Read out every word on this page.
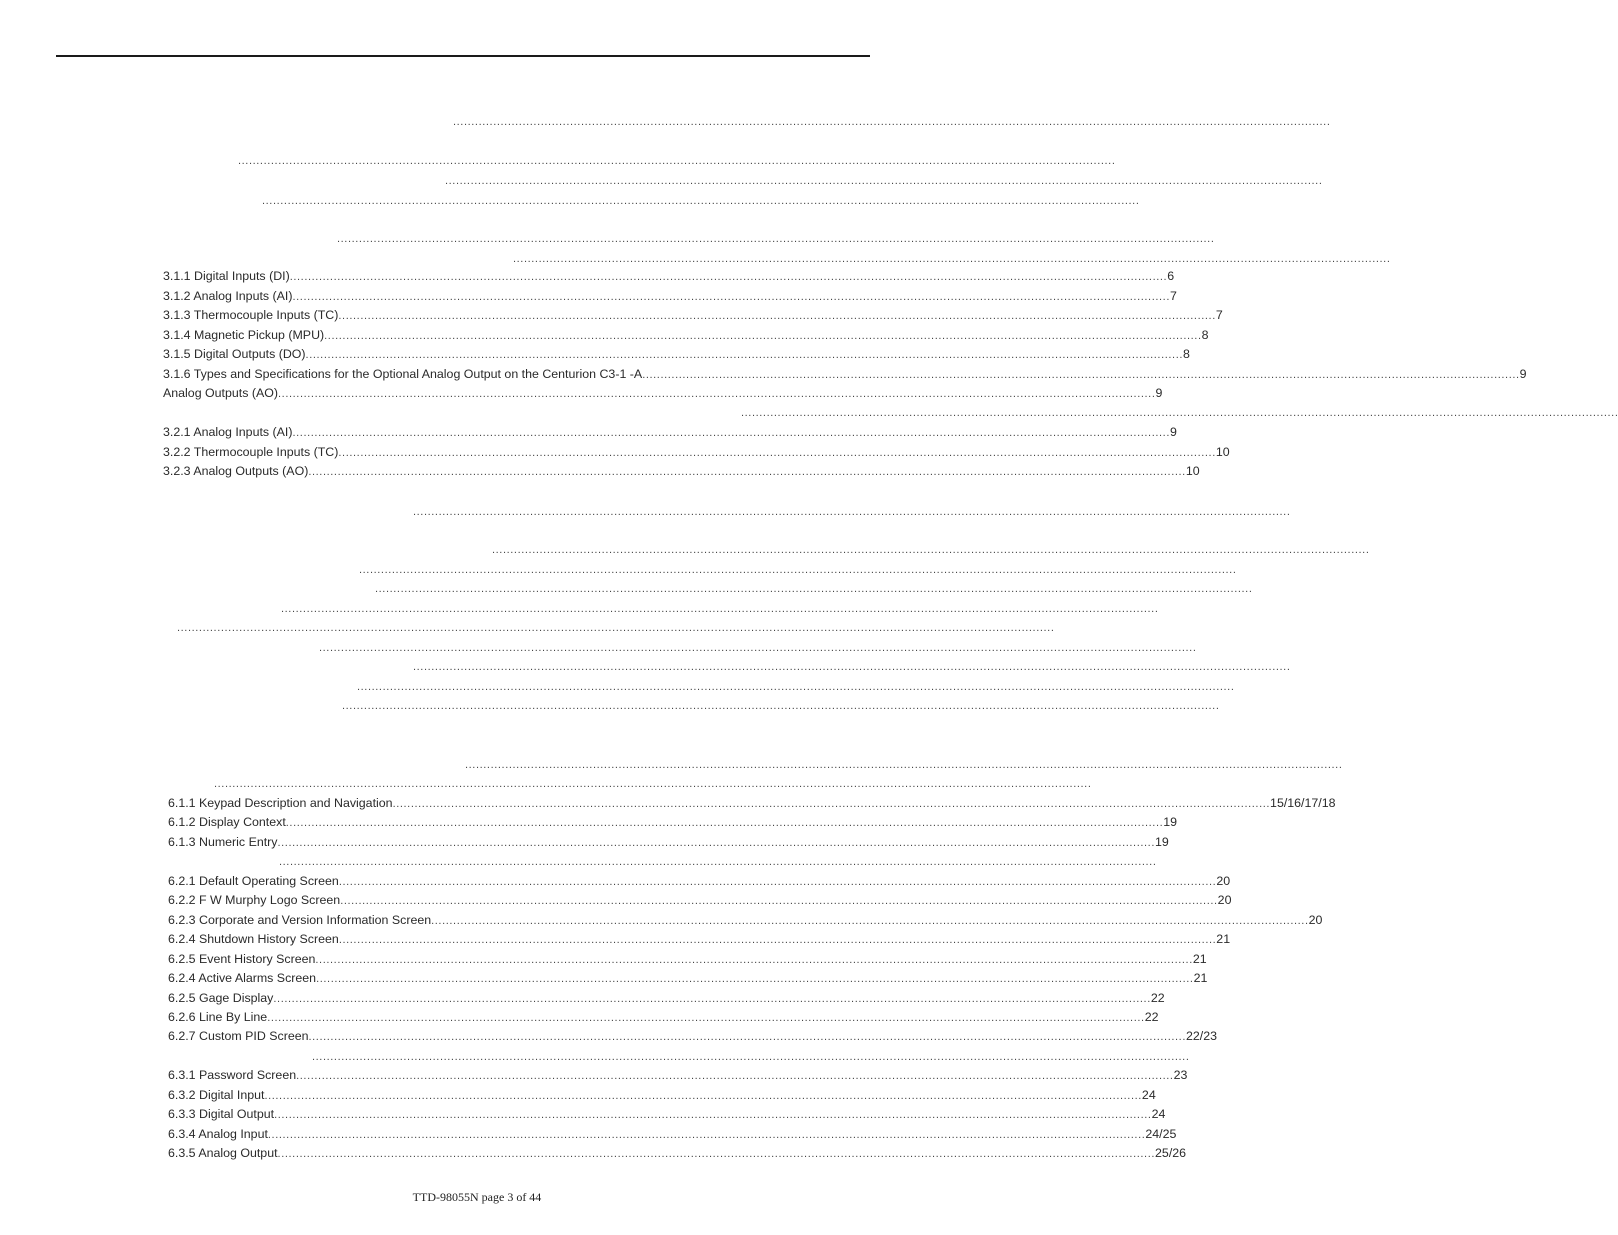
................................................................................................................................................................................................................................................
................................................................................................................................................................................................................................................
................................................................................................................................................................................................................................................
................................................................................................................................................................................................................................................
................................................................................................................................................................................................................................................
................................................................................................................................................................................................................................................
3.1.1 Digital Inputs (DI) ................................................................................................................................................................................................................................................ 6
3.1.2 Analog Inputs (AI) ................................................................................................................................................................................................................................................ 7
3.1.3 Thermocouple Inputs (TC) ................................................................................................................................................................................................................................................ 7
3.1.4 Magnetic Pickup (MPU) ................................................................................................................................................................................................................................................ 8
3.1.5 Digital Outputs (DO) ................................................................................................................................................................................................................................................ 8
3.1.6 Types and Specifications for the Optional Analog Output on the Centurion C3-1 -A ................................................................................................................................................................................................................................................ 9
Analog Outputs (AO) ................................................................................................................................................................................................................................................ 9
................................................................................................................................................................................................................................................
3.2.1 Analog Inputs (AI) ................................................................................................................................................................................................................................................ 9
3.2.2 Thermocouple Inputs (TC) ................................................................................................................................................................................................................................................ 10
3.2.3 Analog Outputs (AO) ................................................................................................................................................................................................................................................ 10
................................................................................................................................................................................................................................................
................................................................................................................................................................................................................................................
................................................................................................................................................................................................................................................
................................................................................................................................................................................................................................................
................................................................................................................................................................................................................................................
................................................................................................................................................................................................................................................
................................................................................................................................................................................................................................................
................................................................................................................................................................................................................................................
................................................................................................................................................................................................................................................
................................................................................................................................................................................................................................................
................................................................................................................................................................................................................................................
................................................................................................................................................................................................................................................
6.1.1 Keypad Description and Navigation ................................................................................................................................................................................................................................................ 15/16/17/18
6.1.2 Display Context ................................................................................................................................................................................................................................................ 19
6.1.3 Numeric Entry ................................................................................................................................................................................................................................................ 19
................................................................................................................................................................................................................................................
6.2.1 Default Operating Screen ................................................................................................................................................................................................................................................ 20
6.2.2 F W Murphy Logo Screen ................................................................................................................................................................................................................................................ 20
6.2.3 Corporate and Version Information Screen ................................................................................................................................................................................................................................................ 20
6.2.4 Shutdown History Screen ................................................................................................................................................................................................................................................ 21
6.2.5 Event History Screen ................................................................................................................................................................................................................................................ 21
6.2.4 Active Alarms Screen ................................................................................................................................................................................................................................................ 21
6.2.5 Gage Display ................................................................................................................................................................................................................................................ 22
6.2.6 Line By Line ................................................................................................................................................................................................................................................ 22
6.2.7 Custom PID Screen ................................................................................................................................................................................................................................................ 22/23
................................................................................................................................................................................................................................................
6.3.1 Password Screen ................................................................................................................................................................................................................................................ 23
6.3.2 Digital Input ................................................................................................................................................................................................................................................ 24
6.3.3 Digital Output ................................................................................................................................................................................................................................................ 24
6.3.4 Analog Input ................................................................................................................................................................................................................................................ 24/25
6.3.5 Analog Output ................................................................................................................................................................................................................................................ 25/26
TTD-98055N page 3 of 44
